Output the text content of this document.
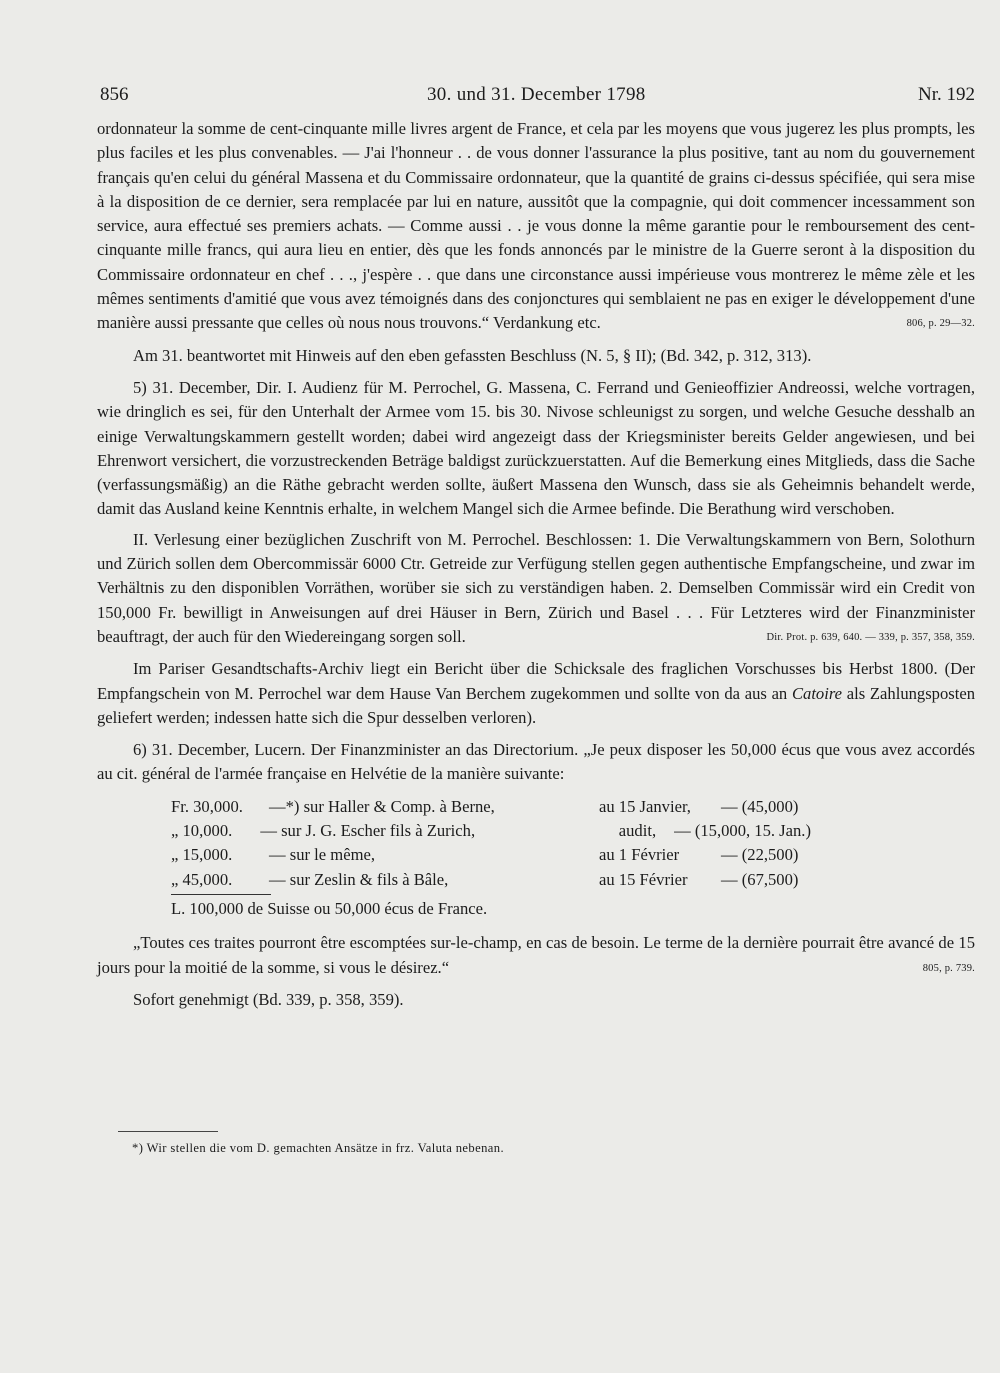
856	30. und 31. December 1798	Nr. 192

ordonnateur la somme de cent-cinquante mille livres argent de France, et cela par les moyens que vous jugerez les plus prompts, les plus faciles et les plus convenables. — J'ai l'honneur . . de vous donner l'assurance la plus positive, tant au nom du gouvernement français qu'en celui du général Massena et du Commissaire ordonnateur, que la quantité de grains ci-dessus spécifiée, qui sera mise à la disposition de ce dernier, sera remplacée par lui en nature, aussitôt que la compagnie, qui doit commencer incessamment son service, aura effectué ses premiers achats. — Comme aussi . . je vous donne la même garantie pour le remboursement des cent-cinquante mille francs, qui aura lieu en entier, dès que les fonds annoncés par le ministre de la Guerre seront à la disposition du Commissaire ordonnateur en chef . . ., j'espère . . que dans une circonstance aussi impérieuse vous montrerez le même zèle et les mêmes sentiments d'amitié que vous avez témoignés dans des conjonctures qui semblaient ne pas en exiger le développement d'une manière aussi pressante que celles où nous nous trouvons.“ Verdankung etc.	806, p. 29—32.

Am 31. beantwortet mit Hinweis auf den eben gefassten Beschluss (N. 5, § II); (Bd. 342, p. 312, 313).

5) 31. December, Dir. I. Audienz für M. Perrochel, G. Massena, C. Ferrand und Genieoffizier Andreossi, welche vortragen, wie dringlich es sei, für den Unterhalt der Armee vom 15. bis 30. Nivose schleunigst zu sorgen, und welche Gesuche desshalb an einige Verwaltungskammern gestellt worden; dabei wird angezeigt dass der Kriegsminister bereits Gelder angewiesen, und bei Ehrenwort versichert, die vorzustreckenden Beträge baldigst zurückzuerstatten. Auf die Bemerkung eines Mitglieds, dass die Sache (verfassungsmäßig) an die Räthe gebracht werden sollte, äußert Massena den Wunsch, dass sie als Geheimnis behandelt werde, damit das Ausland keine Kenntnis erhalte, in welchem Mangel sich die Armee befinde. Die Berathung wird verschoben.

II. Verlesung einer bezüglichen Zuschrift von M. Perrochel. Beschlossen: 1. Die Verwaltungskammern von Bern, Solothurn und Zürich sollen dem Obercommissär 6000 Ctr. Getreide zur Verfügung stellen gegen authentische Empfangscheine, und zwar im Verhältnis zu den disponiblen Vorräthen, worüber sie sich zu verständigen haben. 2. Demselben Commissär wird ein Credit von 150,000 Fr. bewilligt in Anweisungen auf drei Häuser in Bern, Zürich und Basel . . . Für Letzteres wird der Finanzminister beauftragt, der auch für den Wiedereingang sorgen soll.	Dir. Prot. p. 639, 640. — 339, p. 357, 358, 359.

Im Pariser Gesandtschafts-Archiv liegt ein Bericht über die Schicksale des fraglichen Vorschusses bis Herbst 1800. (Der Empfangschein von M. Perrochel war dem Hause Van Berchem zugekommen und sollte von da aus an Catoire als Zahlungsposten geliefert werden; indessen hatte sich die Spur desselben verloren).

6) 31. December, Lucern. Der Finanzminister an das Directorium. „Je peux disposer les 50,000 écus que vous avez accordés au cit. général de l'armée française en Helvétie de la manière suivante:

Fr. 30,000.	—*) sur Haller & Comp. à Berne,	au 15 Janvier,	— (45,000)
„ 10,000.	— sur J. G. Escher fils à Zurich,	audit,	— (15,000, 15. Jan.)
„ 15,000.	— sur le même,	au 1 Février	— (22,500)
„ 45,000.	— sur Zeslin & fils à Bâle,	au 15 Février	— (67,500)
L. 100,000 de Suisse ou 50,000 écus de France.

„Toutes ces traites pourront être escomptées sur-le-champ, en cas de besoin. Le terme de la dernière pourrait être avancé de 15 jours pour la moitié de la somme, si vous le désirez.“	805, p. 739.

Sofort genehmigt (Bd. 339, p. 358, 359).

*) Wir stellen die vom D. gemachten Ansätze in frz. Valuta nebenan.
